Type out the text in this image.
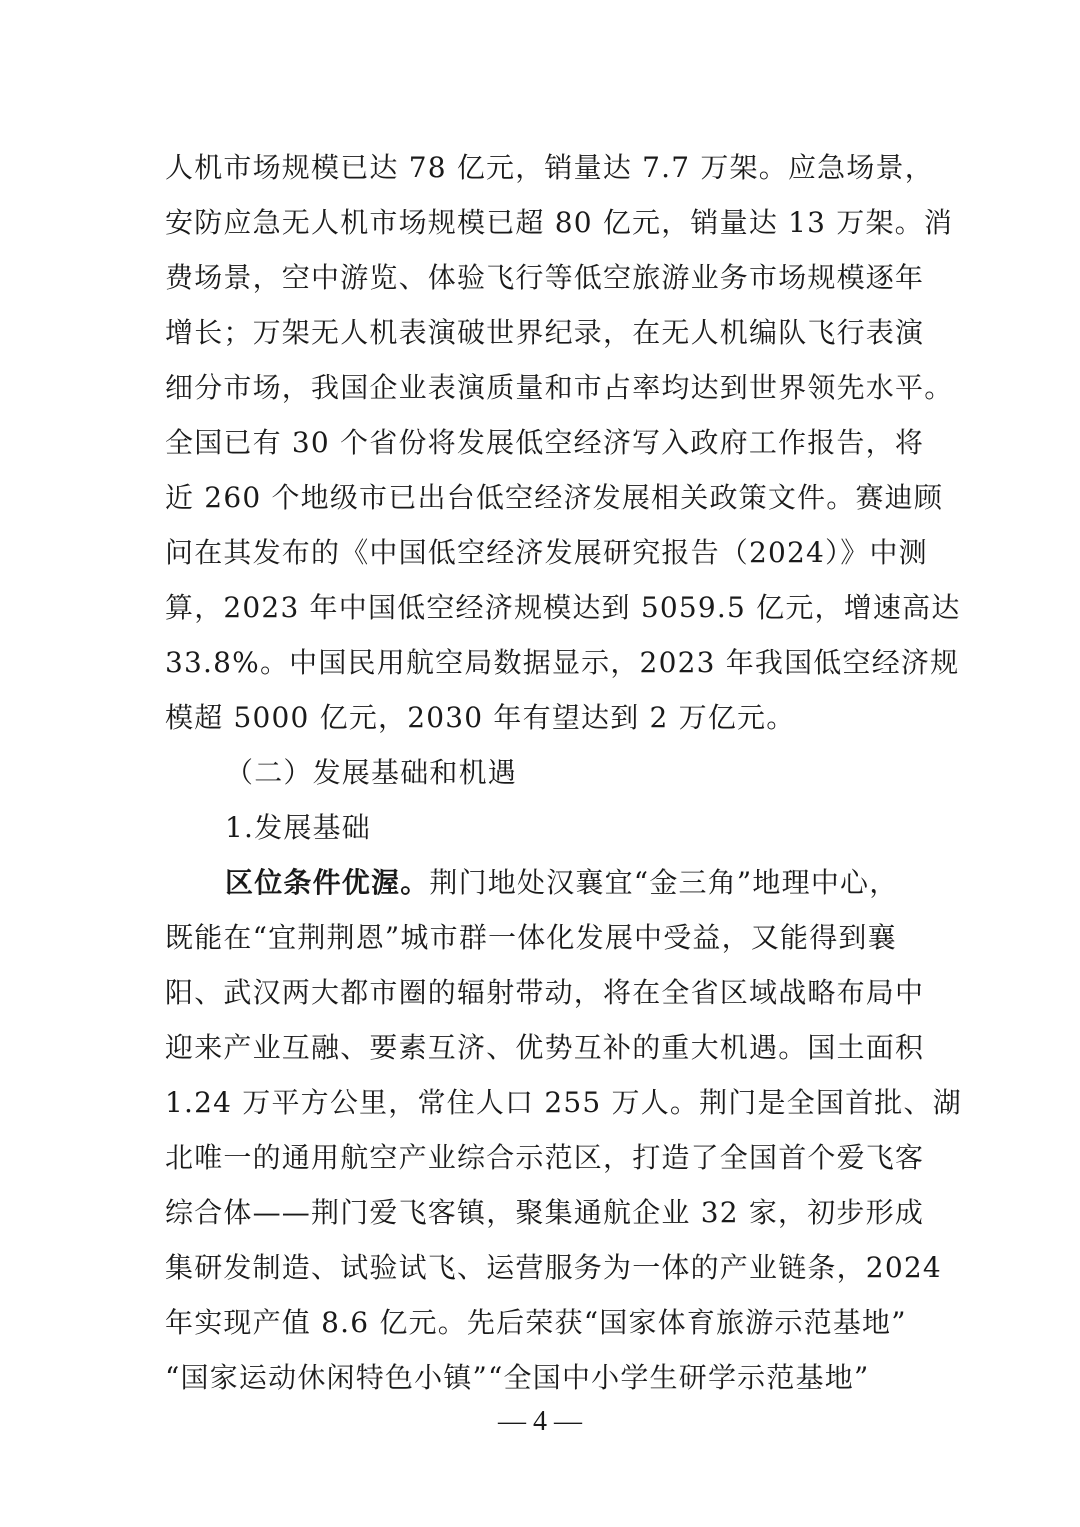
人机市场规模已达 78 亿元，销量达 7.7 万架。应急场景，
安防应急无人机市场规模已超 80 亿元，销量达 13 万架。消
费场景，空中游览、体验飞行等低空旅游业务市场规模逐年
增长；万架无人机表演破世界纪录，在无人机编队飞行表演
细分市场，我国企业表演质量和市占率均达到世界领先水平。
全国已有 30 个省份将发展低空经济写入政府工作报告，将
近 260 个地级市已出台低空经济发展相关政策文件。赛迪顾
问在其发布的《中国低空经济发展研究报告（2024）》中测
算，2023 年中国低空经济规模达到 5059.5 亿元，增速高达
33.8%。中国民用航空局数据显示，2023 年我国低空经济规
模超 5000 亿元，2030 年有望达到 2 万亿元。
（二）发展基础和机遇
1.发展基础
区位条件优渥。荆门地处汉襄宜“金三角”地理中心，
既能在“宜荆荆恩”城市群一体化发展中受益，又能得到襄
阳、武汉两大都市圈的辐射带动，将在全省区域战略布局中
迎来产业互融、要素互济、优势互补的重大机遇。国土面积
1.24 万平方公里，常住人口 255 万人。荆门是全国首批、湖
北唯一的通用航空产业综合示范区，打造了全国首个爱飞客
综合体——荆门爱飞客镇，聚集通航企业 32 家，初步形成
集研发制造、试验试飞、运营服务为一体的产业链条，2024
年实现产值 8.6 亿元。先后荣获“国家体育旅游示范基地”
“国家运动休闲特色小镇”“全国中小学生研学示范基地”
— 4 —
